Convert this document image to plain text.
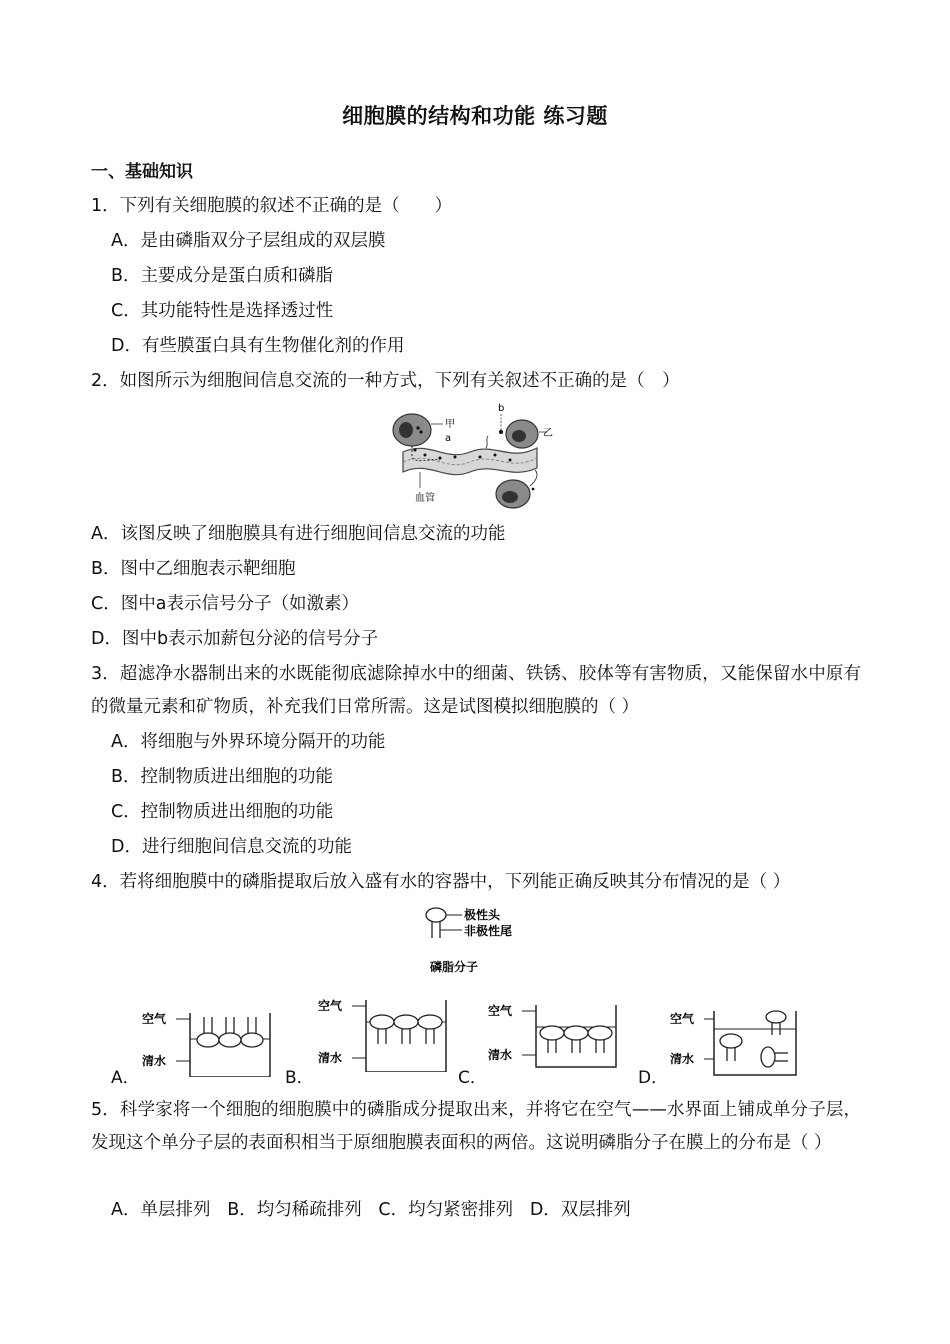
细胞膜的结构和功能 练习题
一、基础知识
1．下列有关细胞膜的叙述不正确的是（　　）
A．是由磷脂双分子层组成的双层膜
B．主要成分是蛋白质和磷脂
C．其功能特性是选择透过性
D．有些膜蛋白具有生物催化剂的作用
2．如图所示为细胞间信息交流的一种方式，下列有关叙述不正确的是（　）
甲
a
b
乙
血管
A．该图反映了细胞膜具有进行细胞间信息交流的功能
B．图中乙细胞表示靶细胞
C．图中a表示信号分子（如激素）
D．图中b表示加薪包分泌的信号分子
3．超滤净水器制出来的水既能彻底滤除掉水中的细菌、铁锈、胶体等有害物质，又能保留水中原有的微量元素和矿物质，补充我们日常所需。这是试图模拟细胞膜的（ ）
A．将细胞与外界环境分隔开的功能
B．控制物质进出细胞的功能
C．控制物质进出细胞的功能
D．进行细胞间信息交流的功能
4．若将细胞膜中的磷脂提取后放入盛有水的容器中，下列能正确反映其分布情况的是（ ）
极性头
非极性尾
磷脂分子
空气
清水
A．
空气
清水
B．
空气
清水
C．
空气
清水
D．
5．科学家将一个细胞的细胞膜中的磷脂成分提取出来，并将它在空气——水界面上铺成单分子层，发现这个单分子层的表面积相当于原细胞膜表面积的两倍。这说明磷脂分子在膜上的分布是（ ）
A．单层排列 B．均匀稀疏排列 C．均匀紧密排列 D．双层排列
